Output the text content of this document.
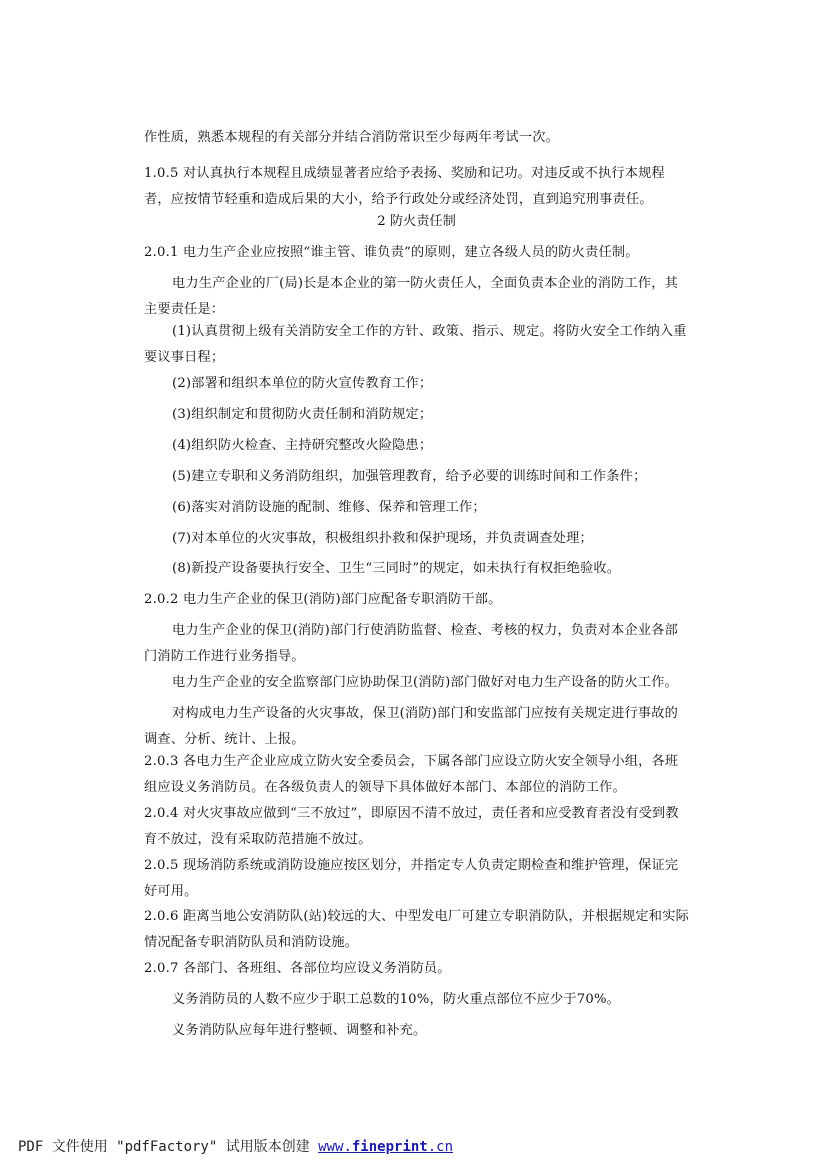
作性质，熟悉本规程的有关部分并结合消防常识至少每两年考试一次。
1.0.5 对认真执行本规程且成绩显著者应给予表扬、奖励和记功。对违反或不执行本规程者，应按情节轻重和造成后果的大小，给予行政处分或经济处罚，直到追究刑事责任。
2 防火责任制
2.0.1 电力生产企业应按照“谁主管、谁负责”的原则，建立各级人员的防火责任制。
电力生产企业的厂(局)长是本企业的第一防火责任人，全面负责本企业的消防工作，其主要责任是：
(1)认真贯彻上级有关消防安全工作的方针、政策、指示、规定。将防火安全工作纳入重要议事日程；
(2)部署和组织本单位的防火宣传教育工作；
(3)组织制定和贯彻防火责任制和消防规定；
(4)组织防火检查、主持研究整改火险隐患；
(5)建立专职和义务消防组织，加强管理教育，给予必要的训练时间和工作条件；
(6)落实对消防设施的配制、维修、保养和管理工作；
(7)对本单位的火灾事故，积极组织扑救和保护现场，并负责调查处理；
(8)新投产设备要执行安全、卫生“三同时”的规定，如未执行有权拒绝验收。
2.0.2 电力生产企业的保卫(消防)部门应配备专职消防干部。
电力生产企业的保卫(消防)部门行使消防监督、检查、考核的权力，负责对本企业各部门消防工作进行业务指导。
电力生产企业的安全监察部门应协助保卫(消防)部门做好对电力生产设备的防火工作。
对构成电力生产设备的火灾事故，保卫(消防)部门和安监部门应按有关规定进行事故的调查、分析、统计、上报。
2.0.3 各电力生产企业应成立防火安全委员会，下属各部门应设立防火安全领导小组，各班组应设义务消防员。在各级负责人的领导下具体做好本部门、本部位的消防工作。
2.0.4 对火灾事故应做到“三不放过”，即原因不清不放过，责任者和应受教育者没有受到教育不放过，没有采取防范措施不放过。
2.0.5 现场消防系统或消防设施应按区划分，并指定专人负责定期检查和维护管理，保证完好可用。
2.0.6 距离当地公安消防队(站)较远的大、中型发电厂可建立专职消防队，并根据规定和实际情况配备专职消防队员和消防设施。
2.0.7 各部门、各班组、各部位均应设义务消防员。
义务消防员的人数不应少于职工总数的10%，防火重点部位不应少于70%。
义务消防队应每年进行整顿、调整和补充。
PDF 文件使用 "pdfFactory" 试用版本创建 www.fineprint.cn
